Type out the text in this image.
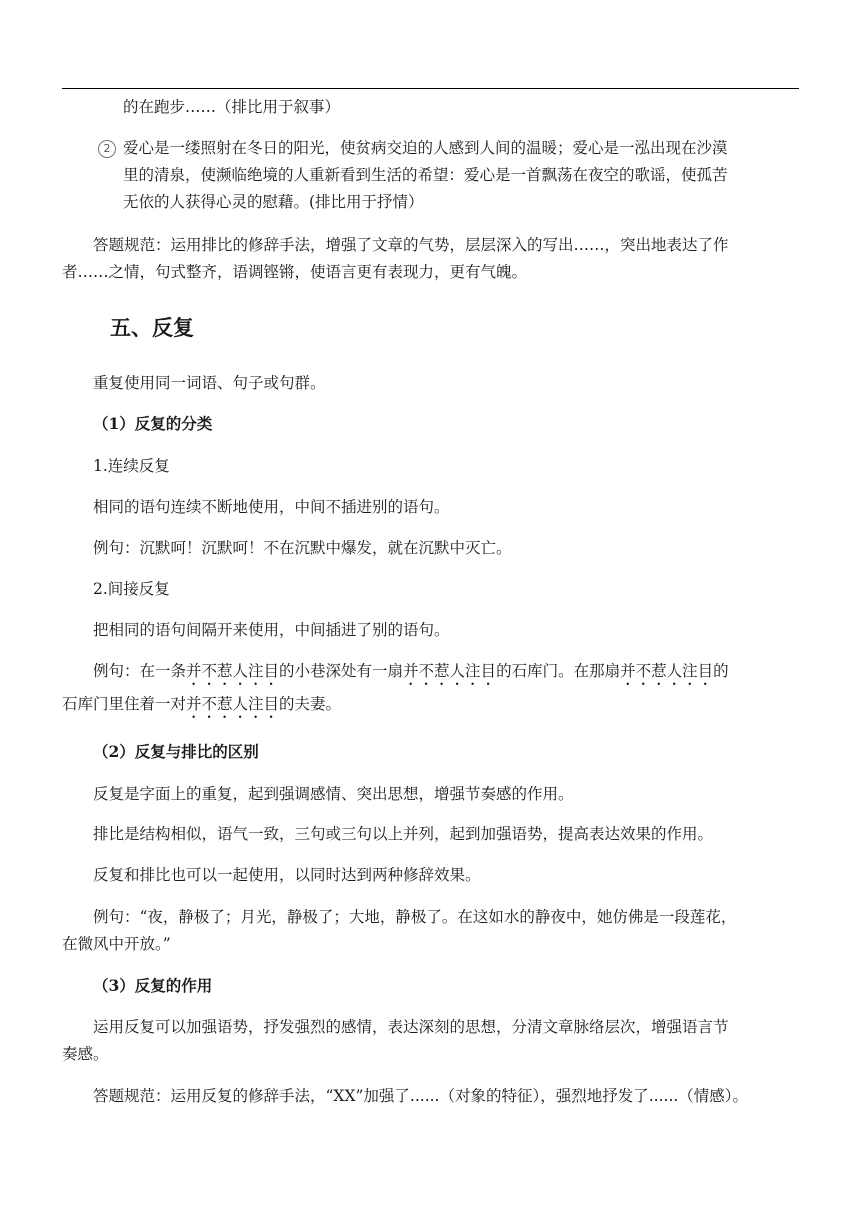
的在跑步……（排比用于叙事）
2 爱心是一缕照射在冬日的阳光，使贫病交迫的人感到人间的温暖；爱心是一泓出现在沙漠
里的清泉，使濒临绝境的人重新看到生活的希望：爱心是一首飘荡在夜空的歌谣，使孤苦
无依的人获得心灵的慰藉。(排比用于抒情）
答题规范：运用排比的修辞手法，增强了文章的气势，层层深入的写出……，突出地表达了作
者……之情，句式整齐，语调铿锵，使语言更有表现力，更有气魄。
五、反复
重复使用同一词语、句子或句群。
（1）反复的分类
1.连续反复
相同的语句连续不断地使用，中间不插进别的语句。
例句：沉默呵！沉默呵！不在沉默中爆发，就在沉默中灭亡。
2.间接反复
把相同的语句间隔开来使用，中间插进了别的语句。
例句：在一条并不惹人注目的小巷深处有一扇并不惹人注目的石库门。在那扇并不惹人注目的
石库门里住着一对并不惹人注目的夫妻。
（2）反复与排比的区别
反复是字面上的重复，起到强调感情、突出思想，增强节奏感的作用。
排比是结构相似，语气一致，三句或三句以上并列，起到加强语势，提高表达效果的作用。
反复和排比也可以一起使用，以同时达到两种修辞效果。
例句：“夜，静极了；月光，静极了；大地，静极了。在这如水的静夜中，她仿佛是一段莲花，
在微风中开放。”
（3）反复的作用
运用反复可以加强语势，抒发强烈的感情，表达深刻的思想，分清文章脉络层次，增强语言节
奏感。
答题规范：运用反复的修辞手法，“XX”加强了......（对象的特征），强烈地抒发了......（情感）。
